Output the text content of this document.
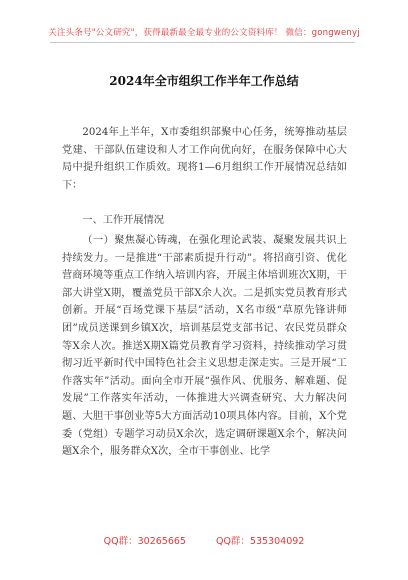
关注头条号"公文研究"，获得最新最全最专业的公文资料库！ 微信：gongwenyj
2024年全市组织工作半年工作总结

2024年上半年，X市委组织部聚中心任务，统筹推动基层党建、干部队伍建设和人才工作向优向好，在服务保障中心大局中提升组织工作质效。现将1—6月组织工作开展情况总结如下：

一、工作开展情况

（一）聚焦凝心铸魂，在强化理论武装、凝聚发展共识上持续发力。一是推进“干部素质提升行动”。将招商引资、优化营商环境等重点工作纳入培训内容，开展主体培训班次X期，干部大讲堂X期，覆盖党员干部X余人次。二是抓实党员教育形式创新。开展“百场党课下基层”活动，X名市级“草原先锋讲师团”成员送课到乡镇X次，培训基层党支部书记、农民党员群众等X余人次。推送X期X篇党员教育学习资料，持续推动学习贯彻习近平新时代中国特色社会主义思想走深走实。三是开展“工作落实年”活动。面向全市开展“强作风、优服务、解难题、促发展”工作落实年活动，一体推进大兴调查研究、大力解决问题、大胆干事创业等5大方面活动10项具体内容。目前，X个党委（党组）专题学习动员X余次，选定调研课题X余个，解决问题X余个，服务群众X次，全市干事创业、比学

QQ群：30265665	QQ群：535304092
